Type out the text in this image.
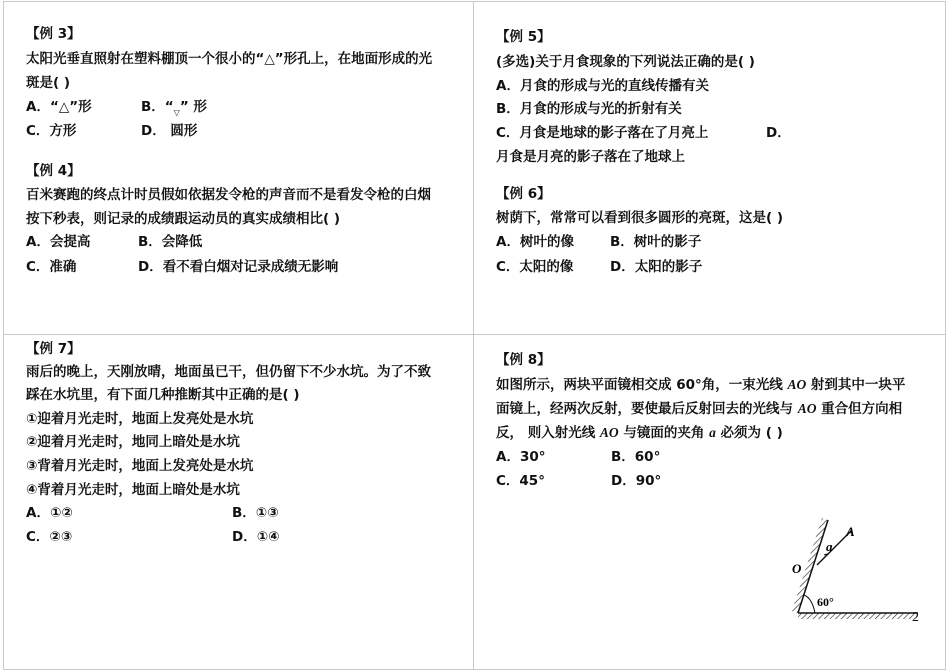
【例 3】
太阳光垂直照射在塑料棚顶一个很小的“△”形孔上，在地面形成的光
斑是( )
A．“△”形	B．“$_▽$” 形
C．方形	D． 圆形
【例 4】
百米赛跑的终点计时员假如依据发令枪的声音而不是看发令枪的白烟
按下秒表，则记录的成绩跟运动员的真实成绩相比( )
A．会提高	B．会降低
C．准确	D．看不看白烟对记录成绩无影响
【例 5】
(多选)关于月食现象的下列说法正确的是( )
A．月食的形成与光的直线传播有关
B．月食的形成与光的折射有关
C．月食是地球的影子落在了月亮上	D．
月食是月亮的影子落在了地球上
【例 6】
树荫下，常常可以看到很多圆形的亮斑，这是( )
A．树叶的像	B．树叶的影子
C．太阳的像	D．太阳的影子
【例 7】
雨后的晚上，天刚放晴，地面虽已干，但仍留下不少水坑。为了不致
踩在水坑里，有下面几种推断其中正确的是( )
①迎着月光走时，地面上发亮处是水坑
②迎着月光走时，地同上暗处是水坑
③背着月光走时，地面上发亮处是水坑
④背着月光走时，地面上暗处是水坑
A．①②	B．①③
C．②③	D．①④
【例 8】
如图所示，两块平面镜相交成 60°角，一束光线 AO 射到其中一块平
面镜上，经两次反射，要使最后反射回去的光线与 AO 重合但方向相
反， 则入射光线 AO 与镜面的夹角 a 必须为 ( )
A．30°	B．60°
C．45°	D．90°
A
a
O
60°
2
